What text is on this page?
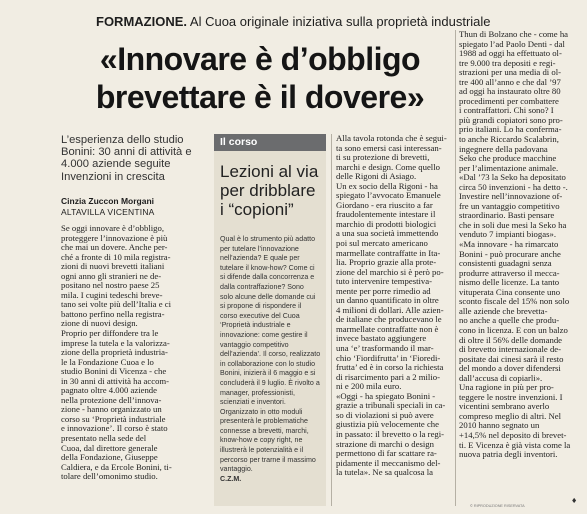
FORMAZIONE. Al Cuoa originale iniziativa sulla proprietà industriale
«Innovare è d’obbligo
brevettare è il dovere»
L’esperienza dello studio
Bonini: 30 anni di attività e
4.000 aziende seguite
Invenzioni in crescita
Cinzia Zuccon Morgani
ALTAVILLA VICENTINA
Se oggi innovare è d’obbligo,
proteggere l’innovazione è più
che mai un dovere. Anche per-
ché a fronte di 10 mila registra-
zioni di nuovi brevetti italiani
ogni anno gli stranieri ne de-
positano nel nostro paese 25
mila. I cugini tedeschi breve-
tano sei volte più dell’Italia e ci
battono perfino nella registra-
zione di nuovi design.
Proprio per diffondere tra le
imprese la tutela e la valorizza-
zione della proprietà industria-
le la Fondazione Cuoa e lo
studio Bonini di Vicenza - che
in 30 anni di attività ha accom-
pagnato oltre 4.000 aziende
nella protezione dell’innova-
zione - hanno organizzato un
corso su ‘Proprietà industriale
e innovazione’. Il corso è stato
presentato nella sede del
Cuoa, dal direttore generale
della Fondazione, Giuseppe
Caldiera, e da Ercole Bonini, ti-
tolare dell’omonimo studio.
Il corso
Lezioni al via
per dribblare
i “copioni”
Qual è lo strumento più adatto
per tutelare l’innovazione
nell’azienda? E quale per
tutelare il know-how? Come ci
si difende dalla concorrenza e
dalla contraffazione? Sono
solo alcune delle domande cui
si propone di rispondere il
corso executive del Cuoa
‘Proprietà industriale e
innovazione: come gestire il
vantaggio competitivo
dell’azienda’. Il corso, realizzato
in collaborazione con lo studio
Bonini, inizierà il 6 maggio e si
concluderà il 9 luglio. È rivolto a
manager, professionisti,
scienziati e inventori.
Organizzato in otto moduli
presenterà le problematiche
connesse a brevetti, marchi,
know-how e copy right, ne
illustrerà le potenzialità e il
percorso per trarne il massimo
vantaggio.
C.Z.M.
Alla tavola rotonda che è segui-
ta sono emersi casi interessan-
ti su protezione di brevetti,
marchi e design. Come quello
delle Rigoni di Asiago.
Un ex socio della Rigoni - ha
spiegato l’avvocato Emanuele
Giordano - era riuscito a far
fraudolentemente intestare il
marchio di prodotti biologici
a una sua società immettendo
poi sul mercato americano
marmellate contraffatte in Ita-
lia. Proprio grazie alla prote-
zione del marchio si è però po-
tuto intervenire tempestiva-
mente per porre rimedio ad
un danno quantificato in oltre
4 milioni di dollari. Alle azien-
de italiane che producevano le
marmellate contraffatte non è
invece bastato aggiungere
una ‘e’ trasformando il mar-
chio ‘Fiordifrutta’ in ‘Fioredi-
frutta’ ed è in corso la richiesta
di risarcimento pari a 2 milio-
ni e 200 mila euro.
«Oggi - ha spiegato Bonini -
grazie a tribunali speciali in ca-
so di violazioni si può avere
giustizia più velocemente che
in passato: il brevetto o la regi-
strazione di marchi o design
permettono di far scattare ra-
pidamente il meccanismo del-
la tutela». Ne sa qualcosa la
Thun di Bolzano che - come ha
spiegato l’ad Paolo Denti - dal
1988 ad oggi ha effettuato ol-
tre 9.000 tra depositi e regi-
strazioni per una media di ol-
tre 400 all’anno e che dal ’97
ad oggi ha instaurato oltre 80
procedimenti per combattere
i contraffattori. Chi sono? I
più grandi copiatori sono pro-
prio italiani. Lo ha conferma-
to anche Riccardo Scalabrin,
ingegnere della padovana
Seko che produce macchine
per l’alimentazione animale.
«Dal ’73 la Seko ha depositato
circa 50 invenzioni - ha detto -.
Investire nell’innovazione of-
fre un vantaggio competitivo
straordinario. Basti pensare
che in soli due mesi la Seko ha
venduto 7 impianti biogas».
«Ma innovare - ha rimarcato
Bonini - può procurare anche
consistenti guadagni senza
produrre attraverso il mecca-
nismo delle licenze. La tanto
vituperata Cina consente uno
sconto fiscale del 15% non solo
alle aziende che brevetta-
no anche a quelle che produ-
cono in licenza. E con un balzo
di oltre il 56% delle domande
di brevetto internazionale de-
positate dai cinesi sarà il resto
del mondo a dover difendersi
dall’accusa di copiarli».
Una ragione in più per pro-
teggere le nostre invenzioni. I
vicentini sembrano averlo
compreso meglio di altri. Nel
2010 hanno segnato un
+14,5% nel deposito di brevet-
ti. E Vicenza è già vista come la
nuova patria degli inventori.
© RIPRODUZIONE RISERVATA
♦
